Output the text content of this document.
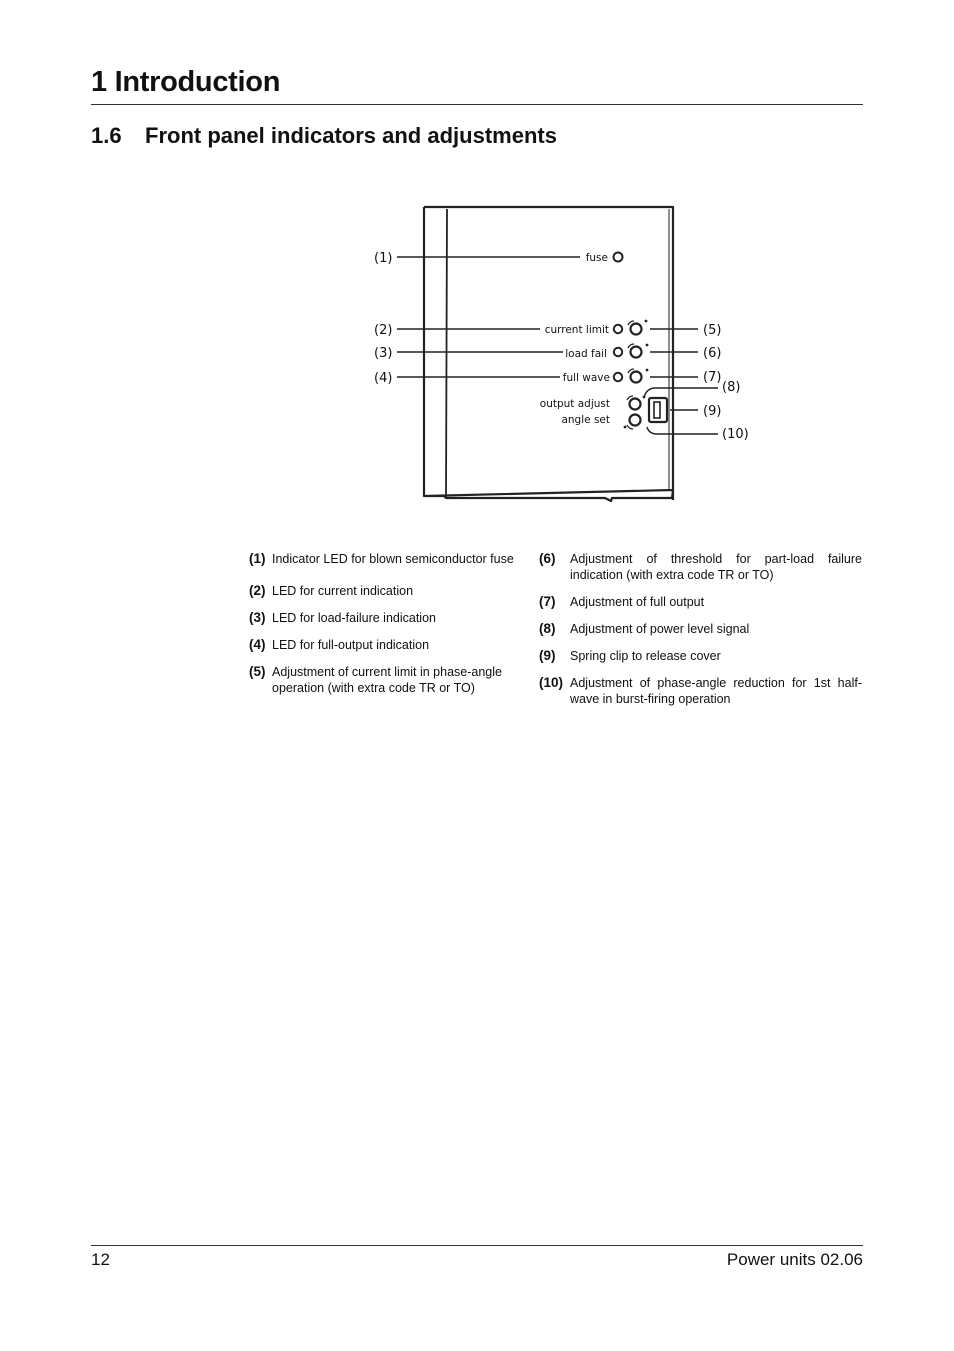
1 Introduction
1.6 Front panel indicators and adjustments
(1)
(2)
(3)
(4)
(5)
(6)
(7)
(8)
(9)
(10)
fuse
current limit
load fail
full wave
output adjust
angle set
(1) Indicator LED for blown semiconductor fuse
(2) LED for current indication
(3) LED for load-failure indication
(4) LED for full-output indication
(5) Adjustment of current limit in phase-angle operation (with extra code TR or TO)
(6)	Adjustment of threshold for part-load failure indication (with extra code TR or TO)
(7)	Adjustment of full output
(8)	Adjustment of power level signal
(9)	Spring clip to release cover
(10) Adjustment of phase-angle reduction for 1st half-wave in burst-firing operation
12	Power units 02.06
